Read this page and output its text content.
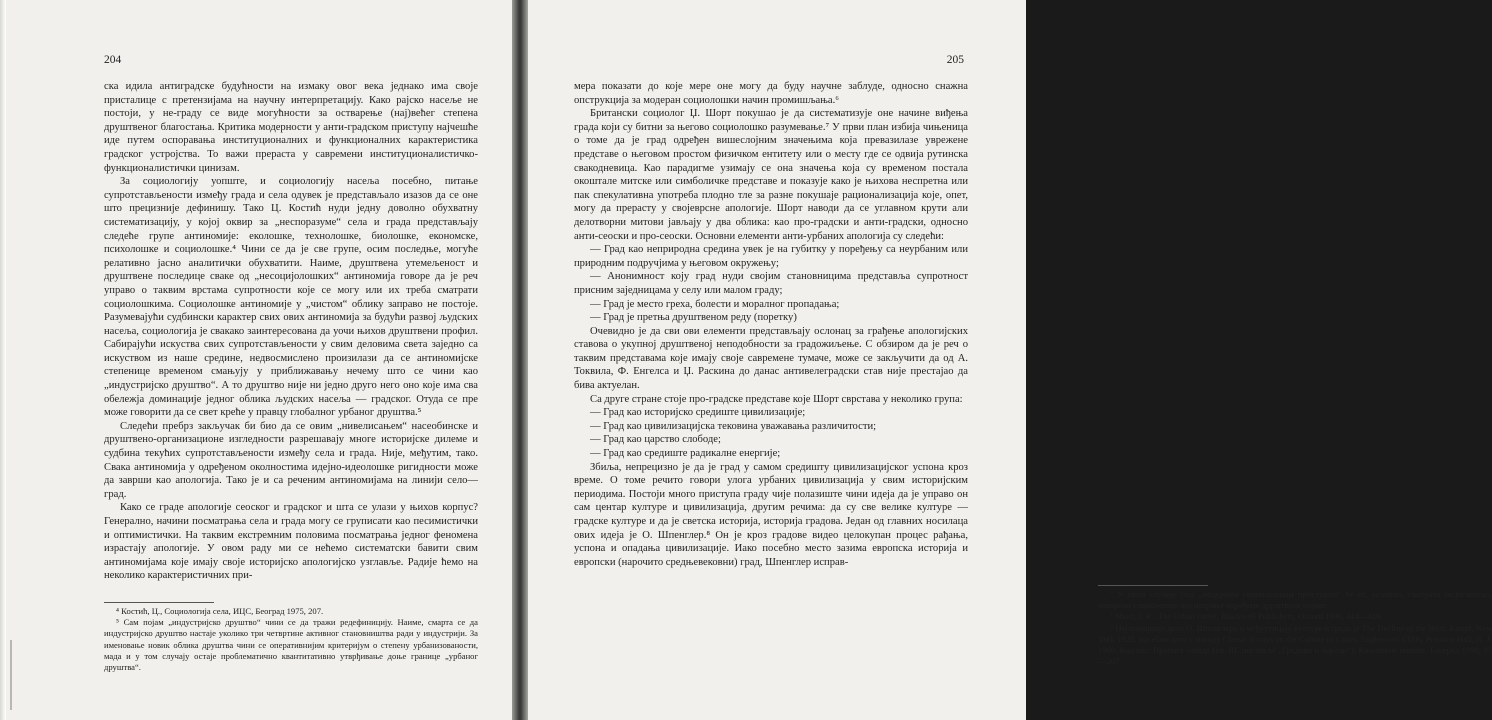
204

ска идила антиградске будућности на измаку овог века једнако има своје присталице с претензијама на научну интерпретацију. Како рајско насеље не постоји, у не-граду се виде могућности за остварење (нај)већег степена друштвеног благостања. Критика модерности у анти-градском приступу најчешће иде путем оспоравања институционалних и функционалних карактеристика градског устројства. То важи прераста у савремени институционалистичко-функционалистички цинизам.

За социологију уопште, и социологију насеља посебно, питање супротстављености између града и села одувек је представљало изазов да се оне што прецизније дефинишу. Тако Ц. Костић нуди једну доволно обухватну систематизацију, у којој оквир за „неспоразуме“ села и града представљају следеће групе антиномије: еколошке, технолошке, биолошке, економске, психолошке и социолошке.⁴ Чини се да је све групе, осим последње, могуће релативно јасно аналитички обухватити. Наиме, друштвена утемељеност и друштвене последице сваке од „несоцијолошких“ антиномија говоре да је реч управо о таквим врстама супротности које се могу или их треба сматрати социолошкима. Социолошке антиномије у „чистом“ облику заправо не постоје. Разумевајући судбински карактер свих ових антиномија за будући развој људских насеља, социологија је свакако заинтересована да уочи њихов друштвени профил. Сабирајући искуства свих супротстављености у свим деловима света заједно са искуством из наше средине, недвосмислено произилази да се антиномијске степенице временом смањују у приближавању нечему што се чини као „индустријско друштво“. А то друштво није ни једно друго него оно које има сва обележја доминације једног облика људских насеља — градског. Отуда се пре може говорити да се свет креће у правцу глобалног урбаног друштва.⁵

Следећи пребрз закључак би био да се овим „нивелисањем“ насеобинске и друштвено-организационе изгледности разрешавају многе историјске дилеме и судбина текућих супротстављености између села и града. Није, међутим, тако. Свака антиномија у одређеном околностима идејно-идеолошке ригидности може да заврши као апологија. Тако је и са реченим антиномијама на линији село—град.

Како се граде апологије сеоског и градског и шта се улази у њихов корпус? Генерално, начини посматрања села и града могу се груписати као песимистички и оптимистички. На таквим екстремним половима посматрања једног феномена израстају апологије. У овом раду ми се нећемо систематски бавити свим антиномијама које имају своје историјско апологијско узглавље. Радије ћемо на неколико карактеристичних при-

⁴ Костић, Ц., Социологија села, ИЦС, Београд 1975, 207.

⁵ Сам појам „индустријско друштво“ чини се да тражи редефиницију. Наиме, смарта се да индустријско друштво настаје уколико три четвртине активног становништва ради у индустрији. За именовање новик облика друштва чини се оперативнијим критеријум о степену урбанизованости, мада и у том случају остаје проблематично квантитативно утврђивање доње границе „урбаног друштва“.

205

мера показати до које мере оне могу да буду научне заблуде, односно снажна опструкција за модеран социолошки начин промишљања.⁶

Британски социолог Џ. Шорт покушао је да систематизује оне начине виђења града који су битни за његово социолошко разумевање.⁷ У први план избија чињеница о томе да је град одређен вишеслојним значењима која превазилазе уврежене представе о његовом простом физичком ентитету или о месту где се одвија рутинска свакодневица. Као парадигме узимају се она значења која су временом постала окоштале митске или симболичке представе и показује како је њихова неспретна или пак спекулативна употреба плодно тле за разне покушаје рационализација које, опет, могу да прерасту у својеврсне апологије. Шорт наводи да се углавном крути али делотворни митови јављају у два облика: као про-градски и анти-градски, односно анти-сеоски и про-сеоски. Основни елементи анти-урбаних апологија су следећи:

— Град као неприродна средина увек је на губитку у поређењу са неурбаним или природним подручјима у његовом окружењу;

— Анонимност коју град нуди својим становницима представља супротност присним заједницама у селу или малом граду;

— Град је место греха, болести и моралног пропадања;

— Град је претња друштвеном реду (поретку)

Очевидно је да сви ови елементи представљају ослонац за грађење апологијских ставова о укупној друштвеној неподобности за градожиљење. С обзиром да је реч о таквим представама које имају своје савремене тумаче, може се закључити да од А. Токвила, Ф. Енгелса и Џ. Раскина до данас антивелеградски став није престајао да бива актуелан.

Са друге стране стоје про-градске представе које Шорт сврстава у неколико група:

— Град као историјско средиште цивилизације;

— Град као цивилизацијска тековина уважавања различитости;

— Град као царство слободе;

— Град као средиште радикалне енергије;

Збиља, непрецизно је да је град у самом средишту цивилизацијског успона кроз време. О томе речито говори улога урбаних цивилизација у свим историјским периодима. Постоји много приступа граду чије полазиште чини идеја да је управо он сам центар културе и цивилизација, другим речима: да су све велике културе — градске културе и да је светска историја, историја градова. Један од главних носилаца ових идеја је О. Шпенглер.⁸ Он је кроз градове видео целокупан процес рађања, успона и опадања цивилизације. Иако посебно место зазима европска историја и европски (нарочито средњевековни) град, Шпенглер исправ-

⁶ У овом случају под „модерним социолошким приступом“ ће се, условно, сматрати недогматско, отворено социолошко посматрање одређене друштвене појаве.

⁷ Short, J. R., The Urban Order, Blackwell Publishers, Oxford 1996, 414—416.

⁸ Најзначајније дело О. Шпенглера о међуутицају културе и града је The Decline of the West, Knopf, New York 1928, посебно дато у изводу Classic Essays on the Culture of Cities, Englewood Cliffs, Prentice-Hall, N. J. 1969. Код нас: Пропаст запада (кн. III, поглавље „Градови и народи“), Књижевне новине, Београд 1990, 97—207.
